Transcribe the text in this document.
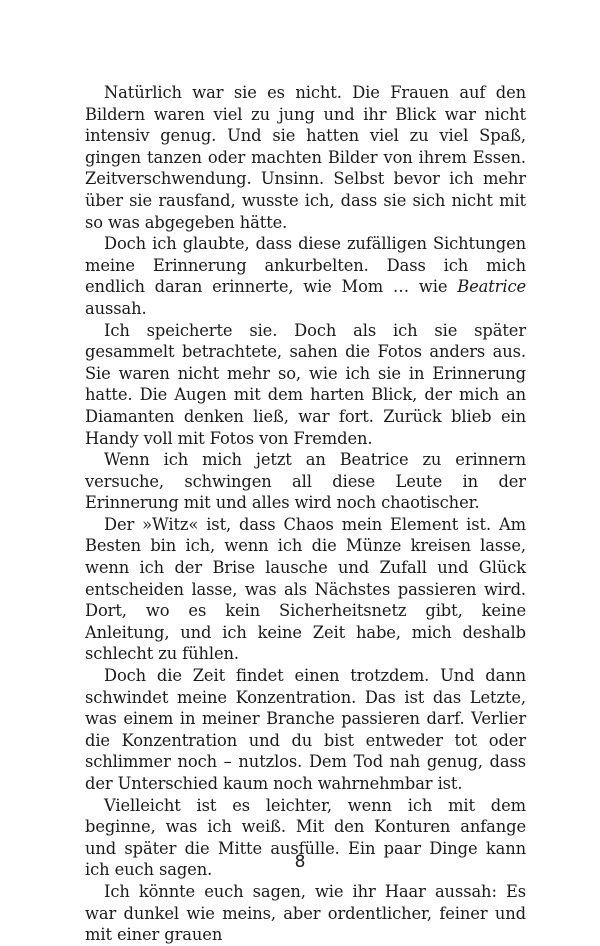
Natürlich war sie es nicht. Die Frauen auf den Bildern waren viel zu jung und ihr Blick war nicht intensiv genug. Und sie hatten viel zu viel Spaß, gingen tanzen oder machten Bilder von ihrem Essen. Zeitverschwendung. Unsinn. Selbst bevor ich mehr über sie rausfand, wusste ich, dass sie sich nicht mit so was abgegeben hätte.

Doch ich glaubte, dass diese zufälligen Sichtungen meine Erinnerung ankurbelten. Dass ich mich endlich daran erinnerte, wie Mom … wie Beatrice aussah.

Ich speicherte sie. Doch als ich sie später gesammelt betrachtete, sahen die Fotos anders aus. Sie waren nicht mehr so, wie ich sie in Erinnerung hatte. Die Augen mit dem harten Blick, der mich an Diamanten denken ließ, war fort. Zurück blieb ein Handy voll mit Fotos von Fremden.

Wenn ich mich jetzt an Beatrice zu erinnern versuche, schwingen all diese Leute in der Erinnerung mit und alles wird noch chaotischer.

Der »Witz« ist, dass Chaos mein Element ist. Am Besten bin ich, wenn ich die Münze kreisen lasse, wenn ich der Brise lausche und Zufall und Glück entscheiden lasse, was als Nächstes passieren wird. Dort, wo es kein Sicherheitsnetz gibt, keine Anleitung, und ich keine Zeit habe, mich deshalb schlecht zu fühlen.

Doch die Zeit findet einen trotzdem. Und dann schwindet meine Konzentration. Das ist das Letzte, was einem in meiner Branche passieren darf. Verlier die Konzentration und du bist entweder tot oder schlimmer noch – nutzlos. Dem Tod nah genug, dass der Unterschied kaum noch wahrnehmbar ist.

Vielleicht ist es leichter, wenn ich mit dem beginne, was ich weiß. Mit den Konturen anfange und später die Mitte ausfülle. Ein paar Dinge kann ich euch sagen.

Ich könnte euch sagen, wie ihr Haar aussah: Es war dunkel wie meins, aber ordentlicher, feiner und mit einer grauen

8
